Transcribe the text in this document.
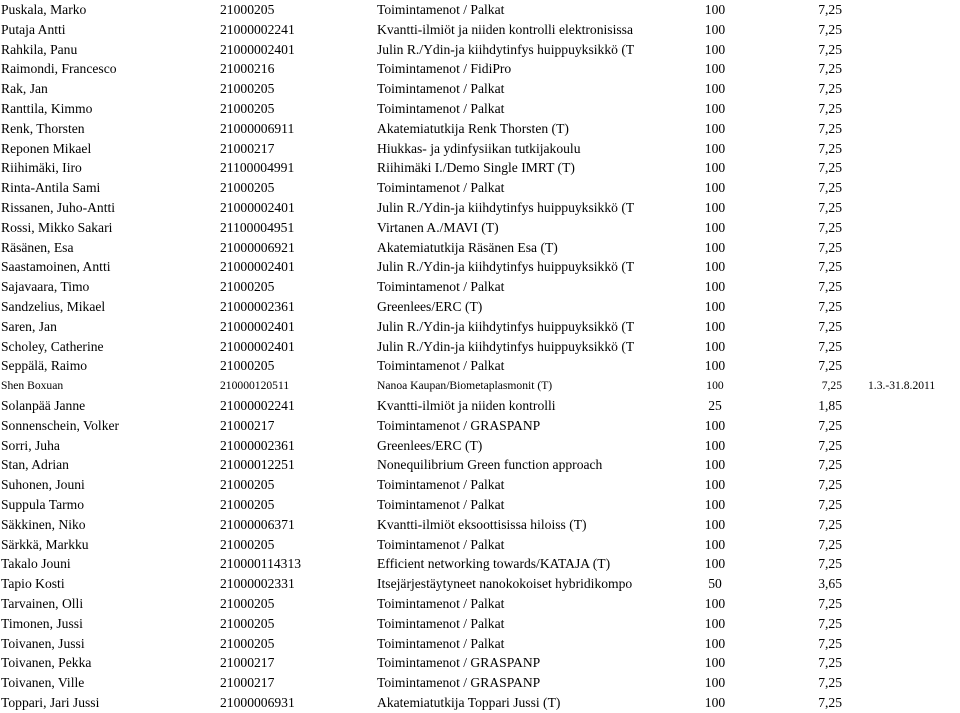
Puskala, Marko	21000205	Toimintamenot / Palkat	100	7,25
Putaja Antti	21000002241	Kvantti-ilmiöt ja niiden kontrolli elektronisissa	100	7,25
Rahkila, Panu	21000002401	Julin R./Ydin-ja kiihdytinfys huippuyksikkö (T	100	7,25
Raimondi, Francesco	21000216	Toimintamenot / FidiPro	100	7,25
Rak, Jan	21000205	Toimintamenot / Palkat	100	7,25
Ranttila, Kimmo	21000205	Toimintamenot / Palkat	100	7,25
Renk, Thorsten	21000006911	Akatemiatutkija Renk Thorsten (T)	100	7,25
Reponen Mikael	21000217	Hiukkas- ja ydinfysiikan tutkijakoulu	100	7,25
Riihimäki, Iiro	21100004991	Riihimäki I./Demo Single IMRT (T)	100	7,25
Rinta-Antila Sami	21000205	Toimintamenot / Palkat	100	7,25
Rissanen, Juho-Antti	21000002401	Julin R./Ydin-ja kiihdytinfys huippuyksikkö (T	100	7,25
Rossi, Mikko Sakari	21100004951	Virtanen A./MAVI (T)	100	7,25
Räsänen, Esa	21000006921	Akatemiatutkija Räsänen Esa (T)	100	7,25
Saastamoinen, Antti	21000002401	Julin R./Ydin-ja kiihdytinfys huippuyksikkö (T	100	7,25
Sajavaara, Timo	21000205	Toimintamenot / Palkat	100	7,25
Sandzelius, Mikael	21000002361	Greenlees/ERC (T)	100	7,25
Saren, Jan	21000002401	Julin R./Ydin-ja kiihdytinfys huippuyksikkö (T	100	7,25
Scholey, Catherine	21000002401	Julin R./Ydin-ja kiihdytinfys huippuyksikkö (T	100	7,25
Seppälä, Raimo	21000205	Toimintamenot / Palkat	100	7,25
Shen Boxuan	210000120511	Nanoa Kaupan/Biometaplasmonit (T)	100	7,25 1.3.-31.8.2011
Solanpää Janne	21000002241	Kvantti-ilmiöt ja niiden kontrolli	25	1,85
Sonnenschein, Volker	21000217	Toimintamenot / GRASPANP	100	7,25
Sorri, Juha	21000002361	Greenlees/ERC (T)	100	7,25
Stan, Adrian	21000012251	Nonequilibrium Green function approach	100	7,25
Suhonen, Jouni	21000205	Toimintamenot / Palkat	100	7,25
Suppula Tarmo	21000205	Toimintamenot / Palkat	100	7,25
Säkkinen, Niko	21000006371	Kvantti-ilmiöt eksoottisissa hiloiss (T)	100	7,25
Särkkä, Markku	21000205	Toimintamenot / Palkat	100	7,25
Takalo Jouni	210000114313	Efficient networking towards/KATAJA (T)	100	7,25
Tapio Kosti	21000002331	Itsejärjestäytyneet nanokokoiset hybridikompo	50	3,65
Tarvainen, Olli	21000205	Toimintamenot / Palkat	100	7,25
Timonen, Jussi	21000205	Toimintamenot / Palkat	100	7,25
Toivanen, Jussi	21000205	Toimintamenot / Palkat	100	7,25
Toivanen, Pekka	21000217	Toimintamenot / GRASPANP	100	7,25
Toivanen, Ville	21000217	Toimintamenot / GRASPANP	100	7,25
Toppari, Jari Jussi	21000006931	Akatemiatutkija Toppari Jussi (T)	100	7,25
